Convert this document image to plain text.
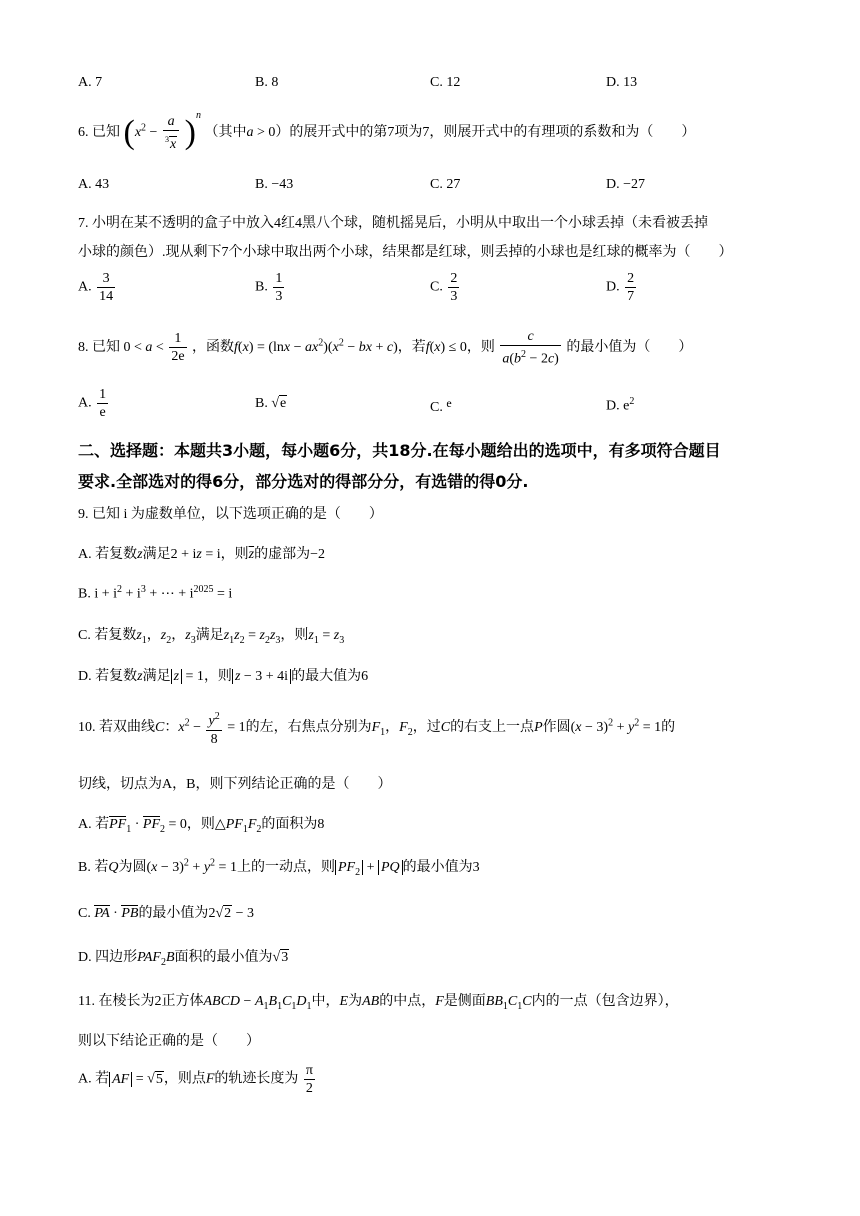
A. 7	B. 8	C. 12	D. 13
6. 已知 $(x^2 - \frac{a}{^3x} )^n$ （其中a > 0）的展开式中的第7项为7，则展开式中的有理项的系数和为（　　）
A. 43	B. −43	C. 27	D. −27
7. 小明在某不透明的盒子中放入4红4黑八个球，随机摇晃后，小明从中取出一个小球丢掉（未看被丢掉
小球的颜色）.现从剩下7个小球中取出两个小球，结果都是红球，则丢掉的小球也是红球的概率为（　　）
A. $\frac{3}{14}$	B. $\frac{1}{3}$	C. $\frac{2}{3}$	D. $\frac{2}{7}$
8. 已知 $0 < a < \frac{1}{2e}$ ，函数$f(x) = (\ln x - ax^2)(x^2$ − bx + c)，若f(x) ≤ 0，则 $\frac{c}{a(b^2 - 2c)}$ 的最小值为（　　）
A. $\frac{1}{e}$	B. √e	C. e	D. $e^2$
二、选择题：本题共3小题，每小题6分，共18分.在每小题给出的选项中，有多项符合题目
要求.全部选对的得6分，部分选对的得部分分，有选错的得0分.
9. 已知 i 为虚数单位，以下选项正确的是（　　）
A. 若复数z满足2 + iz = i，则$\overline{z}$的虚部为−2
B. $i + i^2 + i^3$ + ⋯ + $i^{2025} = i$
C. 若复数$z_1$，$z_2$，$z_3$满足$z_1z_2 = z_2z_3$，则$z_1 = z_3$
D. 若复数z满足 z = 1，则 z − 3 + 4i 的最大值为6
10. 若双曲线C：$x^2 - \frac{y^2}{8} = 1$的左，右焦点分别为$F_1$，$F_2$，过C的右支上一点P作圆$(x - 3)^2 + y^2 = 1$的
切线，切点为A，B，则下列结论正确的是（　　）
A. 若$PF_1 \cdot PF_2 = 0$，则$\triangle PF_1F_2$的面积为8
B. 若Q为圆$(x - 3)^2 + y^2 = 1$上的一动点，则 $PF_2$ + PQ 的最小值为3
C. PA · PB的最小值为2√2 − 3
D. 四边形$PAF_2B$面积的最小值为√3
11. 在棱长为2正方体ABCD − $A_1B_1C_1D_1$中，E为AB的中点，F是侧面$BB_1C_1C$内的一点（包含边界），
则以下结论正确的是（　　）
A. 若 AF = √5，则点F的轨迹长度为 $\frac{\pi}{2}$
